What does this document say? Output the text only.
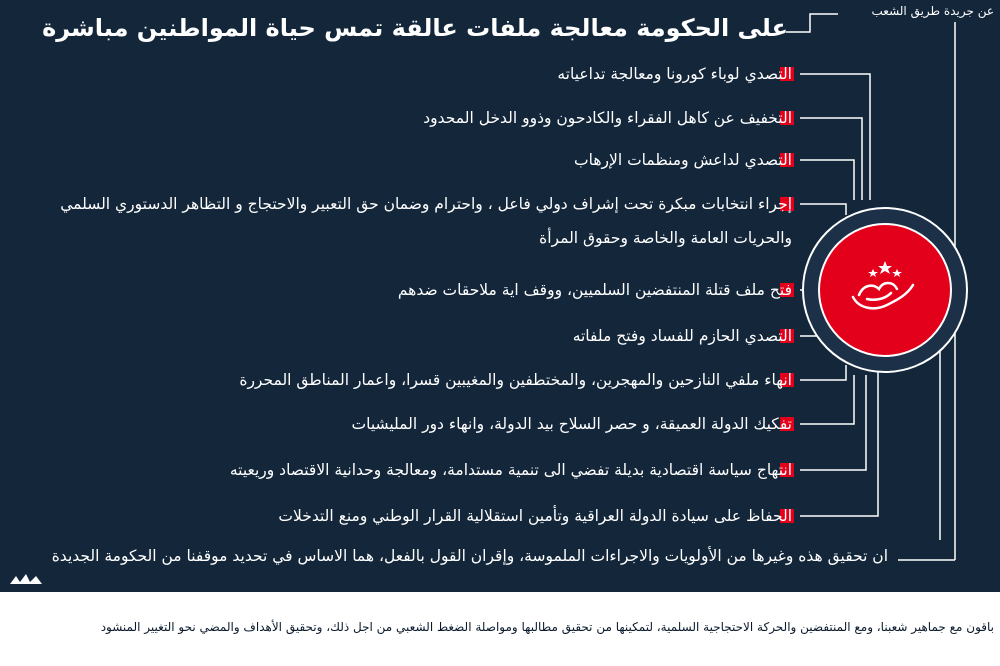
عن جريدة طريق الشعب
على الحكومة معالجة ملفات عالقة تمس حياة المواطنين مباشرة
التصدي لوباء كورونا ومعالجة تداعياته
التخفيف عن كاهل الفقراء والكادحون وذوو الدخل المحدود
التصدي لداعش ومنظمات الإرهاب
إجراء انتخابات مبكرة تحت إشراف دولي فاعل ، واحترام وضمان حق التعبير والاحتجاج و التظاهر الدستوري السلمي والحريات العامة والخاصة وحقوق المرأة
فتح ملف قتلة المنتفضين السلميين، ووقف اية ملاحقات ضدهم
التصدي الحازم للفساد وفتح ملفاته
انهاء ملفي النازحين والمهجرين، والمختطفين والمغيبين قسرا، واعمار المناطق المحررة
تفكيك الدولة العميقة، و حصر السلاح بيد الدولة، وانهاء دور المليشيات
انتهاج سياسة اقتصادية بديلة تفضي الى تنمية مستدامة، ومعالجة وحدانية الاقتصاد وريعيته
الحفاظ على سيادة الدولة العراقية وتأمين استقلالية القرار الوطني ومنع التدخلات
ان تحقيق هذه وغيرها من الأولويات والاجراءات الملموسة، وإقران القول بالفعل، هما الاساس في تحديد موقفنا من الحكومة الجديدة
باقون مع جماهير شعبنا، ومع المنتفضين والحركة الاحتجاجية السلمية، لتمكينها من تحقيق مطالبها ومواصلة الضغط الشعبي من اجل ذلك، وتحقيق الأهداف والمضي نحو التغيير المنشود
